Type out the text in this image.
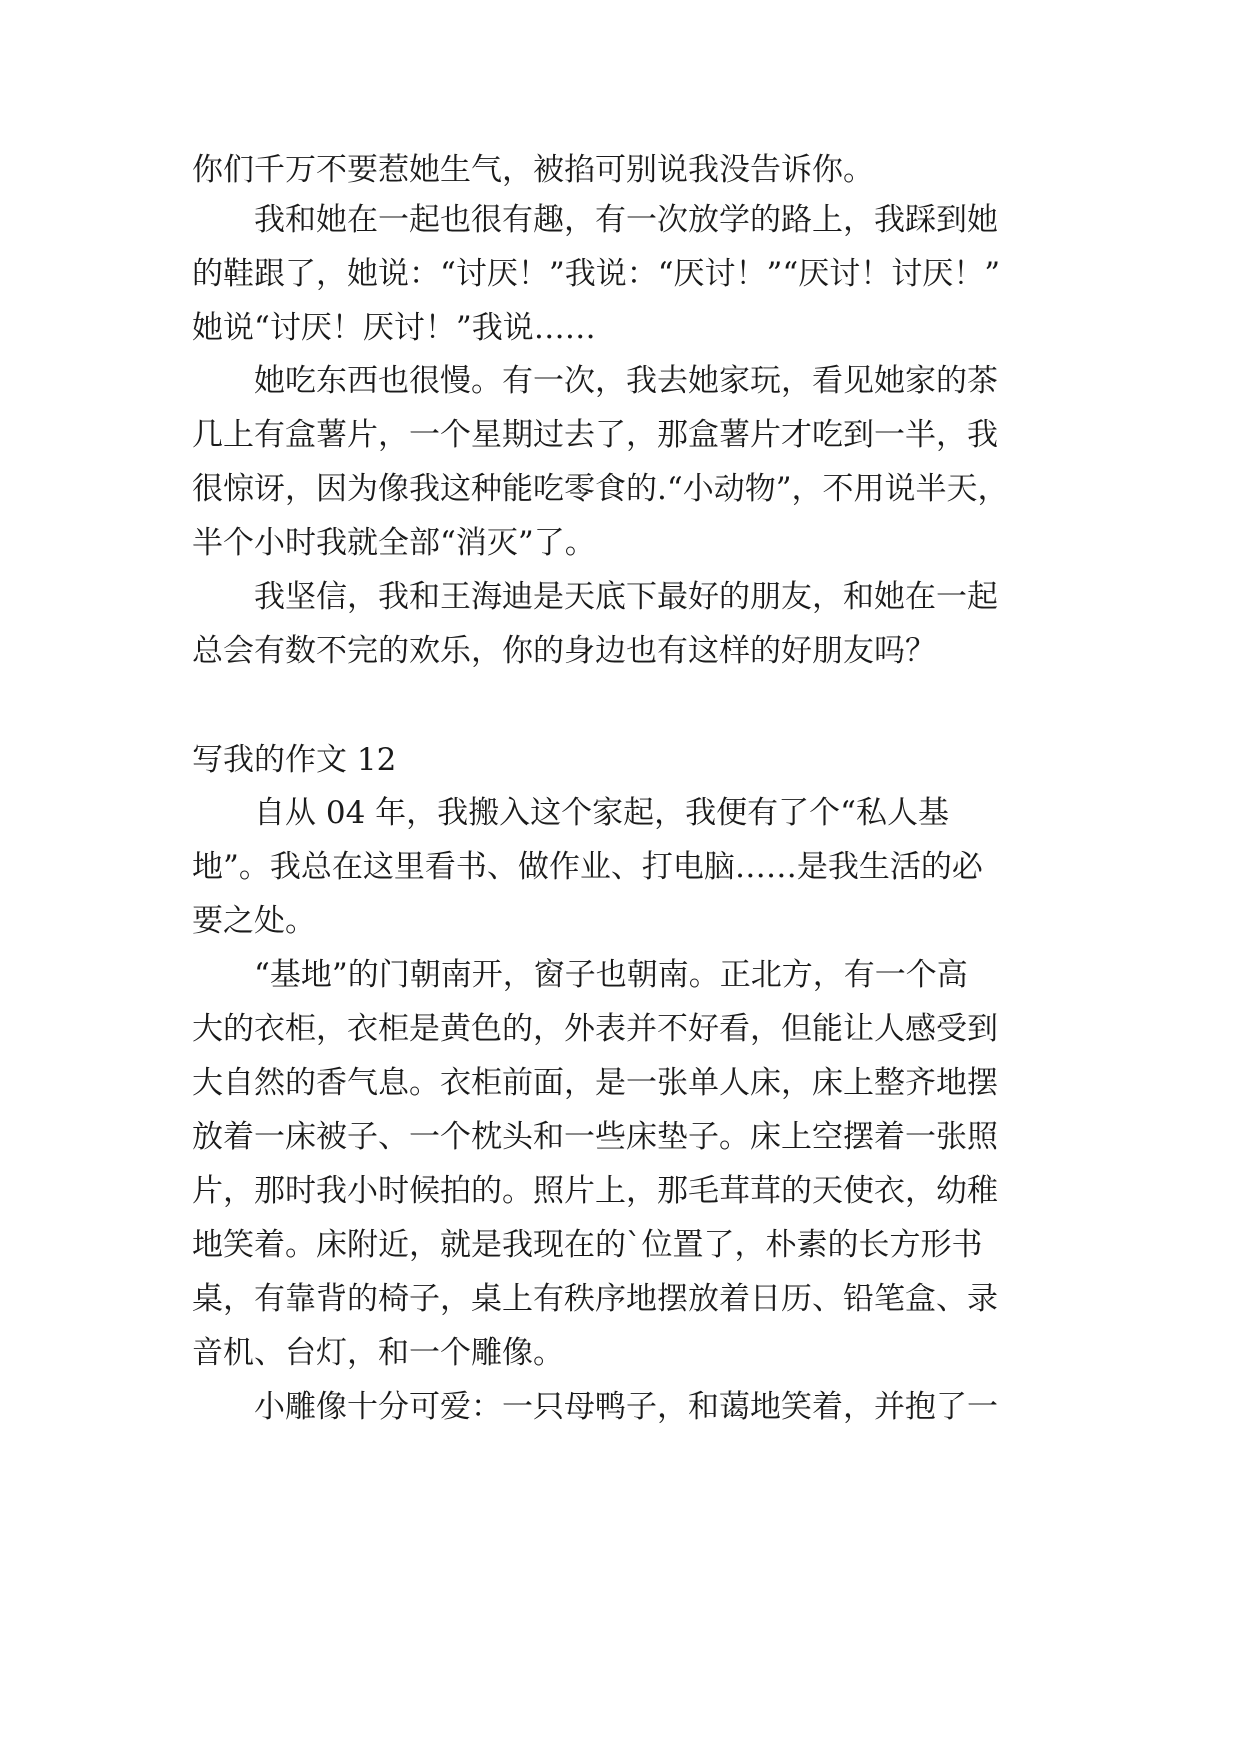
你们千万不要惹她生气，被掐可别说我没告诉你。
我和她在一起也很有趣，有一次放学的路上，我踩到她
的鞋跟了，她说：“讨厌！”我说：“厌讨！”“厌讨！讨厌！”
她说“讨厌！厌讨！”我说……
她吃东西也很慢。有一次，我去她家玩，看见她家的茶
几上有盒薯片，一个星期过去了，那盒薯片才吃到一半，我
很惊讶，因为像我这种能吃零食的.“小动物”，不用说半天，
半个小时我就全部“消灭”了。
我坚信，我和王海迪是天底下最好的朋友，和她在一起
总会有数不完的欢乐，你的身边也有这样的好朋友吗？
写我的作文 12
自从 04 年，我搬入这个家起，我便有了个“私人基
地”。我总在这里看书、做作业、打电脑……是我生活的必
要之处。
“基地”的门朝南开，窗子也朝南。正北方，有一个高
大的衣柜，衣柜是黄色的，外表并不好看，但能让人感受到
大自然的香气息。衣柜前面，是一张单人床，床上整齐地摆
放着一床被子、一个枕头和一些床垫子。床上空摆着一张照
片，那时我小时候拍的。照片上，那毛茸茸的天使衣，幼稚
地笑着。床附近，就是我现在的`位置了，朴素的长方形书
桌，有靠背的椅子，桌上有秩序地摆放着日历、铅笔盒、录
音机、台灯，和一个雕像。
小雕像十分可爱：一只母鸭子，和蔼地笑着，并抱了一
